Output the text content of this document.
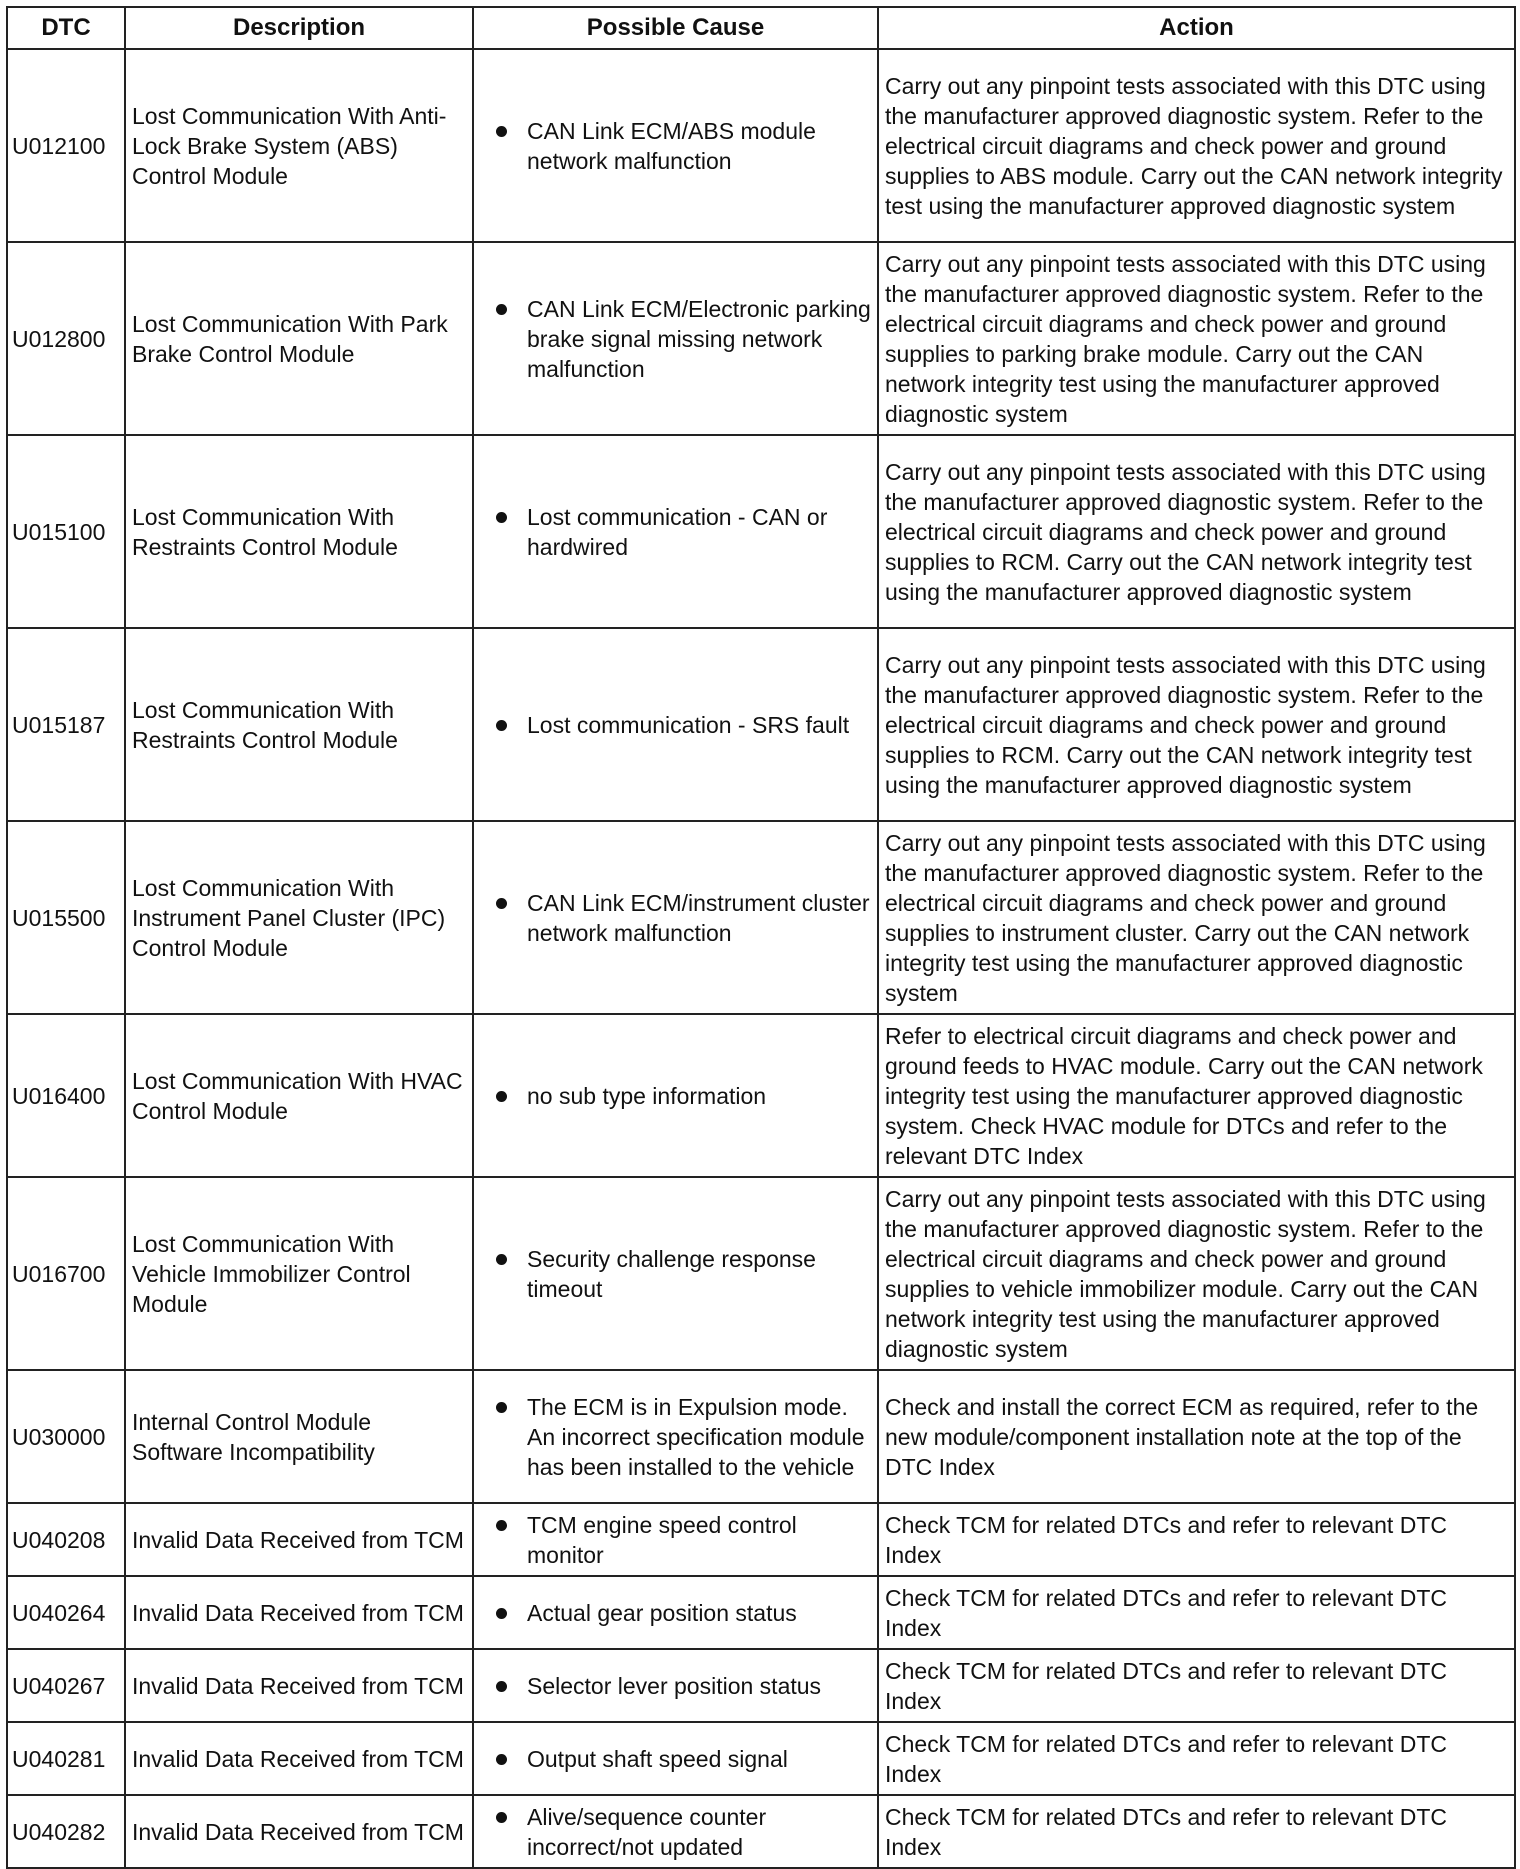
DTC	Description	Possible Cause	Action
U012100	Lost Communication With Anti-Lock Brake System (ABS) Control Module	CAN Link ECM/ABS module network malfunction	Carry out any pinpoint tests associated with this DTC using the manufacturer approved diagnostic system. Refer to the electrical circuit diagrams and check power and ground supplies to ABS module. Carry out the CAN network integrity test using the manufacturer approved diagnostic system
U012800	Lost Communication With Park Brake Control Module	CAN Link ECM/Electronic parking brake signal missing network malfunction	Carry out any pinpoint tests associated with this DTC using the manufacturer approved diagnostic system. Refer to the electrical circuit diagrams and check power and ground supplies to parking brake module. Carry out the CAN network integrity test using the manufacturer approved diagnostic system
U015100	Lost Communication With Restraints Control Module	Lost communication - CAN or hardwired	Carry out any pinpoint tests associated with this DTC using the manufacturer approved diagnostic system. Refer to the electrical circuit diagrams and check power and ground supplies to RCM. Carry out the CAN network integrity test using the manufacturer approved diagnostic system
U015187	Lost Communication With Restraints Control Module	Lost communication - SRS fault	Carry out any pinpoint tests associated with this DTC using the manufacturer approved diagnostic system. Refer to the electrical circuit diagrams and check power and ground supplies to RCM. Carry out the CAN network integrity test using the manufacturer approved diagnostic system
U015500	Lost Communication With Instrument Panel Cluster (IPC) Control Module	CAN Link ECM/instrument cluster network malfunction	Carry out any pinpoint tests associated with this DTC using the manufacturer approved diagnostic system. Refer to the electrical circuit diagrams and check power and ground supplies to instrument cluster. Carry out the CAN network integrity test using the manufacturer approved diagnostic system
U016400	Lost Communication With HVAC Control Module	no sub type information	Refer to electrical circuit diagrams and check power and ground feeds to HVAC module. Carry out the CAN network integrity test using the manufacturer approved diagnostic system. Check HVAC module for DTCs and refer to the relevant DTC Index
U016700	Lost Communication With Vehicle Immobilizer Control Module	Security challenge response timeout	Carry out any pinpoint tests associated with this DTC using the manufacturer approved diagnostic system. Refer to the electrical circuit diagrams and check power and ground supplies to vehicle immobilizer module. Carry out the CAN network integrity test using the manufacturer approved diagnostic system
U030000	Internal Control Module Software Incompatibility	The ECM is in Expulsion mode. An incorrect specification module has been installed to the vehicle	Check and install the correct ECM as required, refer to the new module/component installation note at the top of the DTC Index
U040208	Invalid Data Received from TCM	TCM engine speed control monitor	Check TCM for related DTCs and refer to relevant DTC Index
U040264	Invalid Data Received from TCM	Actual gear position status	Check TCM for related DTCs and refer to relevant DTC Index
U040267	Invalid Data Received from TCM	Selector lever position status	Check TCM for related DTCs and refer to relevant DTC Index
U040281	Invalid Data Received from TCM	Output shaft speed signal	Check TCM for related DTCs and refer to relevant DTC Index
U040282	Invalid Data Received from TCM	Alive/sequence counter incorrect/not updated	Check TCM for related DTCs and refer to relevant DTC Index
